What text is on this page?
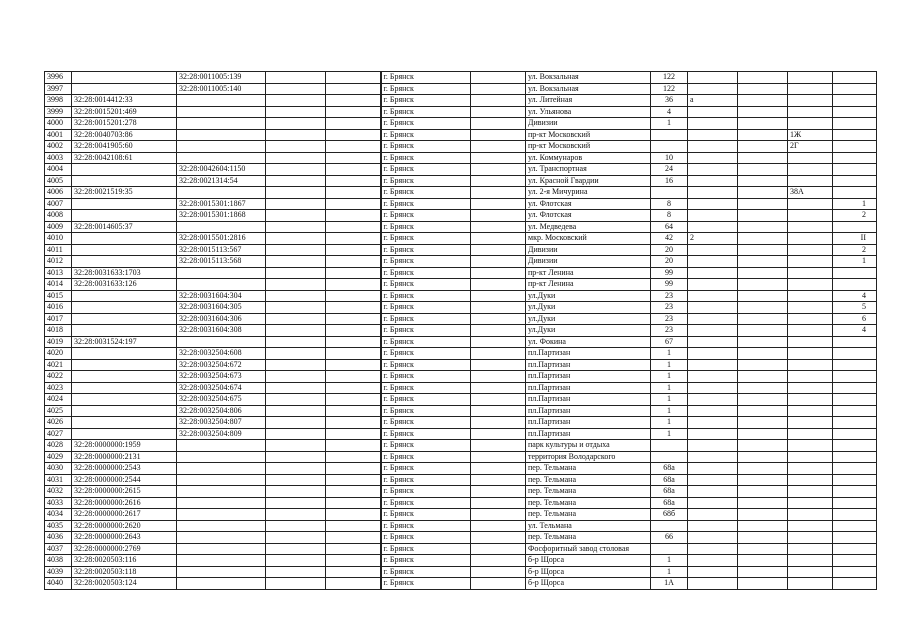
3996		32:28:0011005:139			г. Брянск		ул. Вокзальная	122				
3997		32:28:0011005:140			г. Брянск		ул. Вокзальная	122				
3998	32:28:0014412:33				г. Брянск		ул. Литейная	36	а			
3999	32:28:0015201:469				г. Брянск		ул. Ульянова	4				
4000	32:28:0015201:278				г. Брянск		Дивизии	1				
4001	32:28:0040703:86				г. Брянск		пр-кт Московский				1Ж	
4002	32:28:0041905:60				г. Брянск		пр-кт Московский				2Г	
4003	32:28:0042108:61				г. Брянск		ул. Коммунаров	10				
4004		32:28:0042604:1150			г. Брянск		ул. Транспортная	24				
4005		32:28:0021314:54			г. Брянск		ул. Красной Гвардии	16				
4006	32:28:0021519:35				г. Брянск		ул. 2-я Мичурина				38А	
4007		32:28:0015301:1867			г. Брянск		ул. Флотская	8				1
4008		32:28:0015301:1868			г. Брянск		ул. Флотская	8				2
4009	32:28:0014605:37				г. Брянск		ул. Медведева	64				
4010		32:28:0015501:2816			г. Брянск		мкр. Московский	42	2			II
4011		32:28:0015113:567			г. Брянск		Дивизии	20				2
4012		32:28:0015113:568			г. Брянск		Дивизии	20				1
4013	32:28:0031633:1703				г. Брянск		пр-кт Ленина	99				
4014	32:28:0031633:126				г. Брянск		пр-кт Ленина	99				
4015		32:28:0031604:304			г. Брянск		ул.Дуки	23				4
4016		32:28:0031604:305			г. Брянск		ул.Дуки	23				5
4017		32:28:0031604:306			г. Брянск		ул.Дуки	23				6
4018		32:28:0031604:308			г. Брянск		ул.Дуки	23				4
4019	32:28:0031524:197				г. Брянск		ул. Фокина	67				
4020		32:28:0032504:608			г. Брянск		пл.Партизан	1				
4021		32:28:0032504:672			г. Брянск		пл.Партизан	1				
4022		32:28:0032504:673			г. Брянск		пл.Партизан	1				
4023		32:28:0032504:674			г. Брянск		пл.Партизан	1				
4024		32:28:0032504:675			г. Брянск		пл.Партизан	1				
4025		32:28:0032504:806			г. Брянск		пл.Партизан	1				
4026		32:28:0032504:807			г. Брянск		пл.Партизан	1				
4027		32:28:0032504:809			г. Брянск		пл.Партизан	1				
4028	32:28:0000000:1959				г. Брянск		парк культуры и отдыха					
4029	32:28:0000000:2131				г. Брянск		территория Володарского					
4030	32:28:0000000:2543				г. Брянск		пер. Тельмана	68а				
4031	32:28:0000000:2544				г. Брянск		пер. Тельмана	68а				
4032	32:28:0000000:2615				г. Брянск		пер. Тельмана	68а				
4033	32:28:0000000:2616				г. Брянск		пер. Тельмана	68а				
4034	32:28:0000000:2617				г. Брянск		пер. Тельмана	68б				
4035	32:28:0000000:2620				г. Брянск		ул. Тельмана					
4036	32:28:0000000:2643				г. Брянск		пер. Тельмана	66				
4037	32:28:0000000:2769				г. Брянск		Фосфоритный завод столовая					
4038	32:28:0020503:116				г. Брянск		б-р Щорса	1				
4039	32:28:0020503:118				г. Брянск		б-р Щорса	1				
4040	32:28:0020503:124				г. Брянск		б-р Щорса	1А				
